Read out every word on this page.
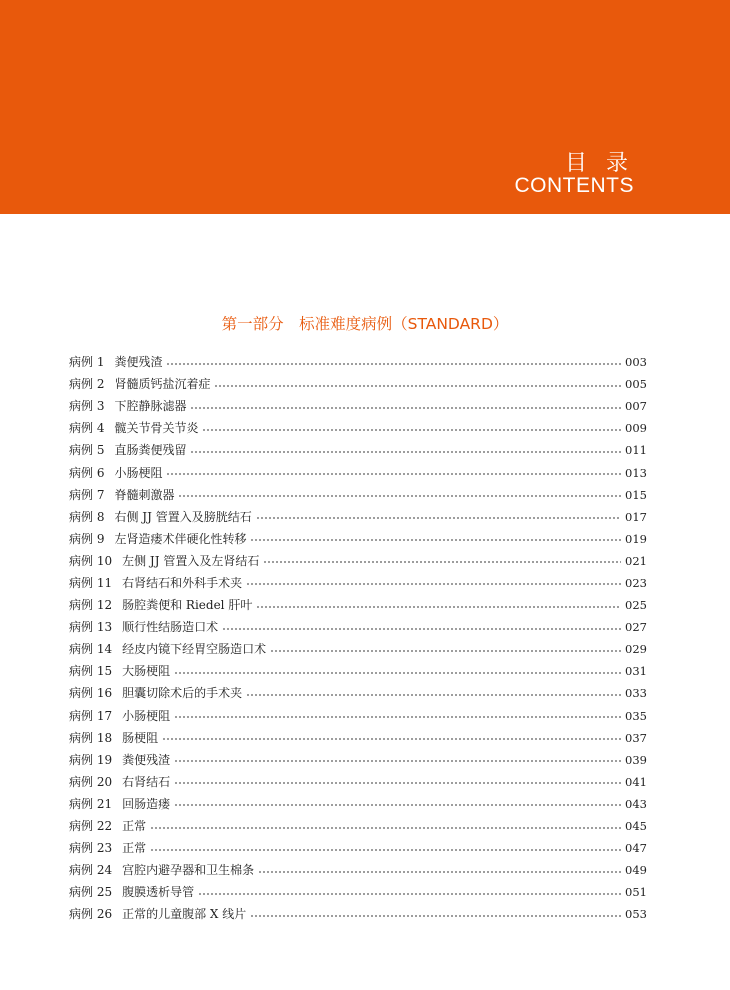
目 录
CONTENTS
第一部分　标准难度病例（STANDARD）
病例 1 粪便残渣	003
病例 2 肾髓质钙盐沉着症	005
病例 3 下腔静脉滤器	007
病例 4 髋关节骨关节炎	009
病例 5 直肠粪便残留	011
病例 6 小肠梗阻	013
病例 7 脊髓刺激器	015
病例 8 右侧 JJ 管置入及膀胱结石	017
病例 9 左肾造瘘术伴硬化性转移	019
病例 10 左侧 JJ 管置入及左肾结石	021
病例 11 右肾结石和外科手术夹	023
病例 12 肠腔粪便和 Riedel 肝叶	025
病例 13 顺行性结肠造口术	027
病例 14 经皮内镜下经胃空肠造口术	029
病例 15 大肠梗阻	031
病例 16 胆囊切除术后的手术夹	033
病例 17 小肠梗阻	035
病例 18 肠梗阻	037
病例 19 粪便残渣	039
病例 20 右肾结石	041
病例 21 回肠造瘘	043
病例 22 正常	045
病例 23 正常	047
病例 24 宫腔内避孕器和卫生棉条	049
病例 25 腹膜透析导管	051
病例 26 正常的儿童腹部 X 线片	053
